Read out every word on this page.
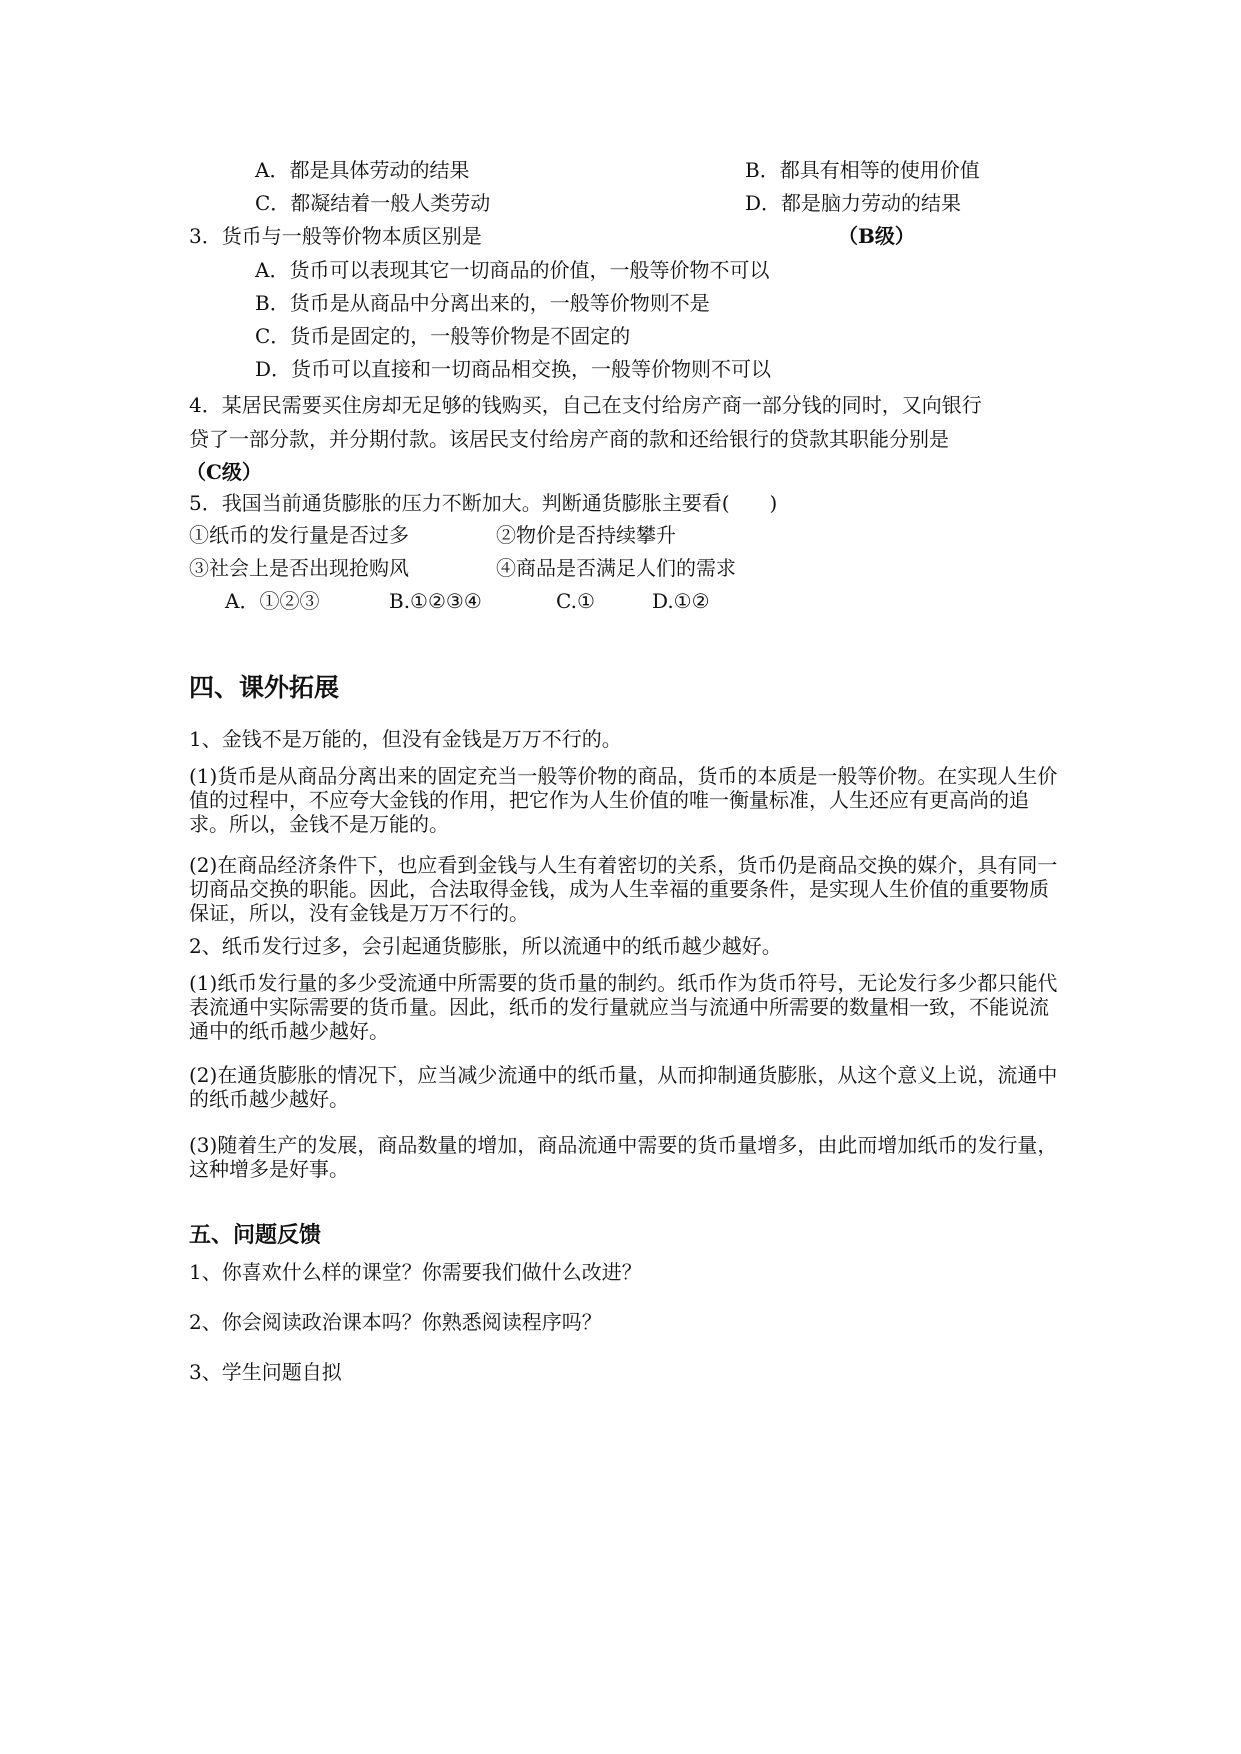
A．都是具体劳动的结果	B．都具有相等的使用价值
C．都凝结着一般人类劳动	D．都是脑力劳动的结果
3．货币与一般等价物本质区别是	（B级）
A．货币可以表现其它一切商品的价值，一般等价物不可以
B．货币是从商品中分离出来的，一般等价物则不是
C．货币是固定的，一般等价物是不固定的
D．货币可以直接和一切商品相交换，一般等价物则不可以
4．某居民需要买住房却无足够的钱购买，自己在支付给房产商一部分钱的同时，又向银行
贷了一部分款，并分期付款。该居民支付给房产商的款和还给银行的贷款其职能分别是
（C级）
5．我国当前通货膨胀的压力不断加大。判断通货膨胀主要看(　　)
①纸币的发行量是否过多	②物价是否持续攀升
③社会上是否出现抢购风	④商品是否满足人们的需求
A．①②③	B.①②③④	C.①	D.①②
四、课外拓展
1、金钱不是万能的，但没有金钱是万万不行的。
(1)货币是从商品分离出来的固定充当一般等价物的商品，货币的本质是一般等价物。在实现人生价值的过程中，不应夸大金钱的作用，把它作为人生价值的唯一衡量标准，人生还应有更高尚的追求。所以，金钱不是万能的。
(2)在商品经济条件下，也应看到金钱与人生有着密切的关系，货币仍是商品交换的媒介，具有同一切商品交换的职能。因此，合法取得金钱，成为人生幸福的重要条件，是实现人生价值的重要物质保证，所以，没有金钱是万万不行的。
2、纸币发行过多，会引起通货膨胀，所以流通中的纸币越少越好。
(1)纸币发行量的多少受流通中所需要的货币量的制约。纸币作为货币符号，无论发行多少都只能代表流通中实际需要的货币量。因此，纸币的发行量就应当与流通中所需要的数量相一致，不能说流通中的纸币越少越好。
(2)在通货膨胀的情况下，应当减少流通中的纸币量，从而抑制通货膨胀，从这个意义上说，流通中的纸币越少越好。
(3)随着生产的发展，商品数量的增加，商品流通中需要的货币量增多，由此而增加纸币的发行量，这种增多是好事。
五、问题反馈
1、你喜欢什么样的课堂？你需要我们做什么改进？
2、你会阅读政治课本吗？你熟悉阅读程序吗？
3、学生问题自拟
